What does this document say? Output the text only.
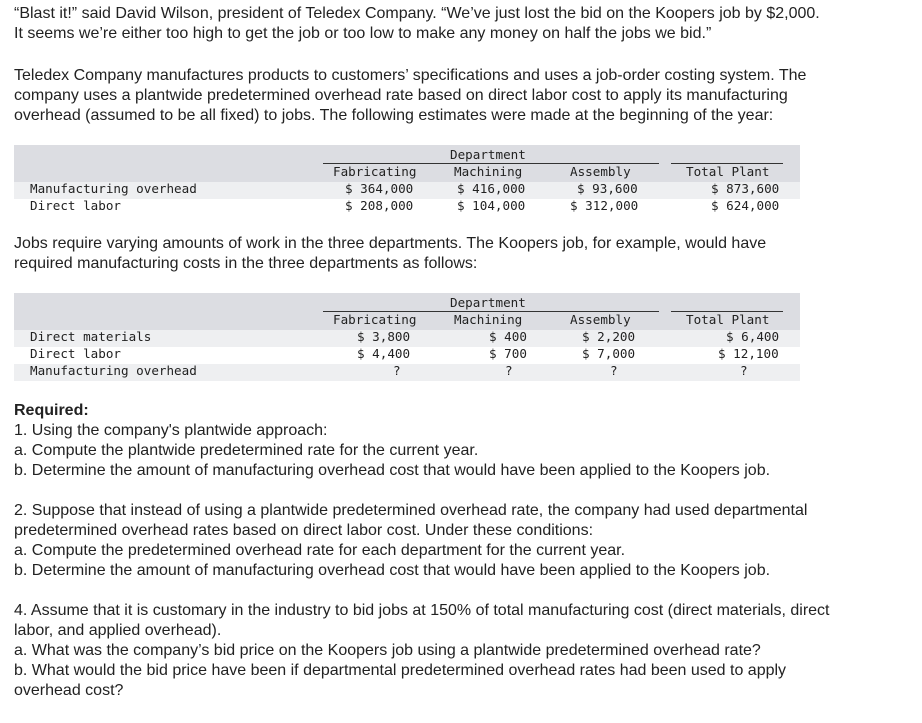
“Blast it!” said David Wilson, president of Teledex Company. “We’ve just lost the bid on the Koopers job by $2,000.
It seems we’re either too high to get the job or too low to make any money on half the jobs we bid.”
Teledex Company manufactures products to customers’ specifications and uses a job-order costing system. The
company uses a plantwide predetermined overhead rate based on direct labor cost to apply its manufacturing
overhead (assumed to be all fixed) to jobs. The following estimates were made at the beginning of the year:
Department
Fabricating	Machining	Assembly	Total Plant
Manufacturing overhead	$ 364,000	$ 416,000	$ 93,600	$ 873,600
Direct labor	$ 208,000	$ 104,000	$ 312,000	$ 624,000
Jobs require varying amounts of work in the three departments. The Koopers job, for example, would have
required manufacturing costs in the three departments as follows:
Department
Fabricating	Machining	Assembly	Total Plant
Direct materials	$ 3,800	$ 400	$ 2,200	$ 6,400
Direct labor	$ 4,400	$ 700	$ 7,000	$ 12,100
Manufacturing overhead	?	?	?	?
Required:
1. Using the company's plantwide approach:
a. Compute the plantwide predetermined rate for the current year.
b. Determine the amount of manufacturing overhead cost that would have been applied to the Koopers job.
2. Suppose that instead of using a plantwide predetermined overhead rate, the company had used departmental
predetermined overhead rates based on direct labor cost. Under these conditions:
a. Compute the predetermined overhead rate for each department for the current year.
b. Determine the amount of manufacturing overhead cost that would have been applied to the Koopers job.
4. Assume that it is customary in the industry to bid jobs at 150% of total manufacturing cost (direct materials, direct
labor, and applied overhead).
a. What was the company’s bid price on the Koopers job using a plantwide predetermined overhead rate?
b. What would the bid price have been if departmental predetermined overhead rates had been used to apply
overhead cost?
